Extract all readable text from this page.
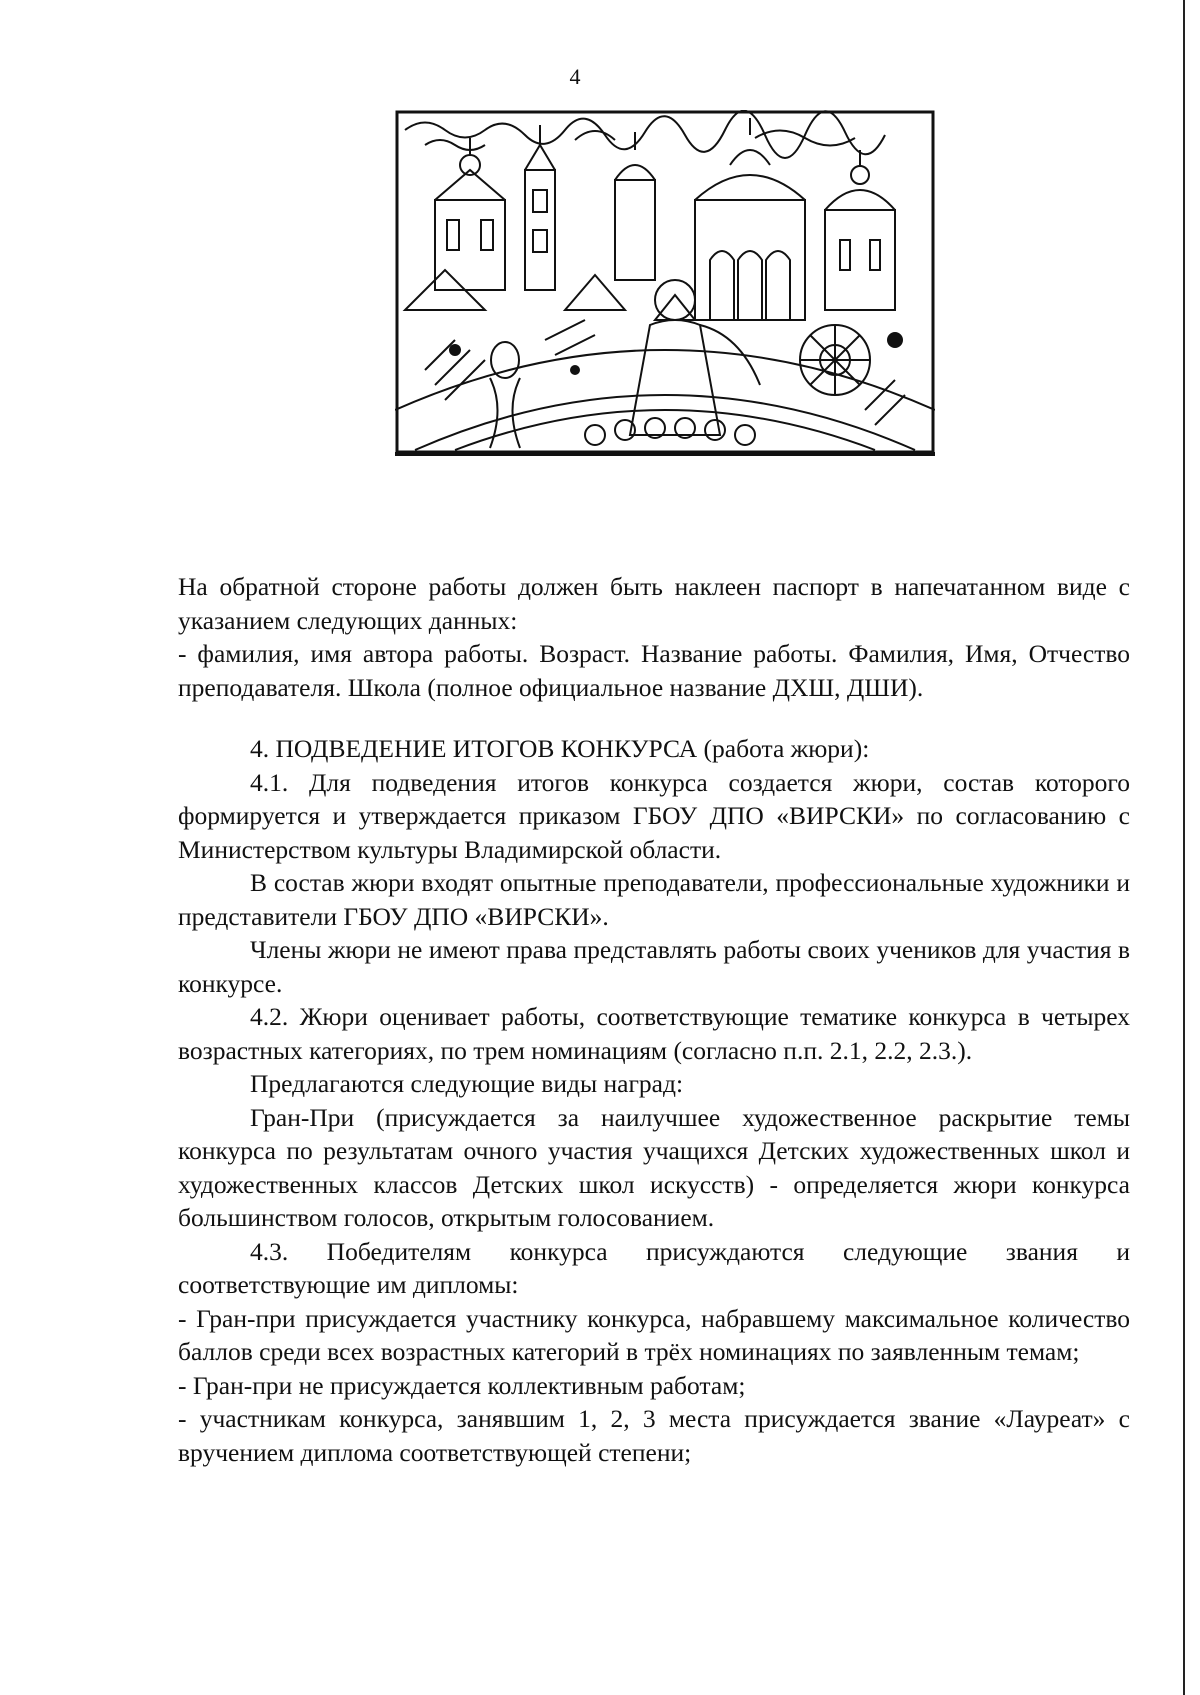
4

На обратной стороне работы должен быть наклеен паспорт в напечатанном виде с указанием следующих данных:

- фамилия, имя автора работы. Возраст. Название работы. Фамилия, Имя, Отчество преподавателя. Школа (полное официальное название ДХШ, ДШИ).

4. ПОДВЕДЕНИЕ ИТОГОВ КОНКУРСА (работа жюри):

4.1. Для подведения итогов конкурса создается жюри, состав которого формируется и утверждается приказом ГБОУ ДПО «ВИРСКИ» по согласованию с Министерством культуры Владимирской области.

В состав жюри входят опытные преподаватели, профессиональные художники и представители ГБОУ ДПО «ВИРСКИ».

Члены жюри не имеют права представлять работы своих учеников для участия в конкурсе.

4.2. Жюри оценивает работы, соответствующие тематике конкурса в четырех возрастных категориях, по трем номинациям (согласно п.п. 2.1, 2.2, 2.3.).

Предлагаются следующие виды наград:

Гран-При (присуждается за наилучшее художественное раскрытие темы конкурса по результатам очного участия учащихся Детских художественных школ и художественных классов Детских школ искусств) - определяется жюри конкурса большинством голосов, открытым голосованием.

4.3. Победителям конкурса присуждаются следующие звания и соответствующие им дипломы:

- Гран-при присуждается участнику конкурса, набравшему максимальное количество баллов среди всех возрастных категорий в трёх номинациях по заявленным темам;

- Гран-при не присуждается коллективным работам;

- участникам конкурса, занявшим 1, 2, 3 места присуждается звание «Лауреат» с вручением диплома соответствующей степени;
